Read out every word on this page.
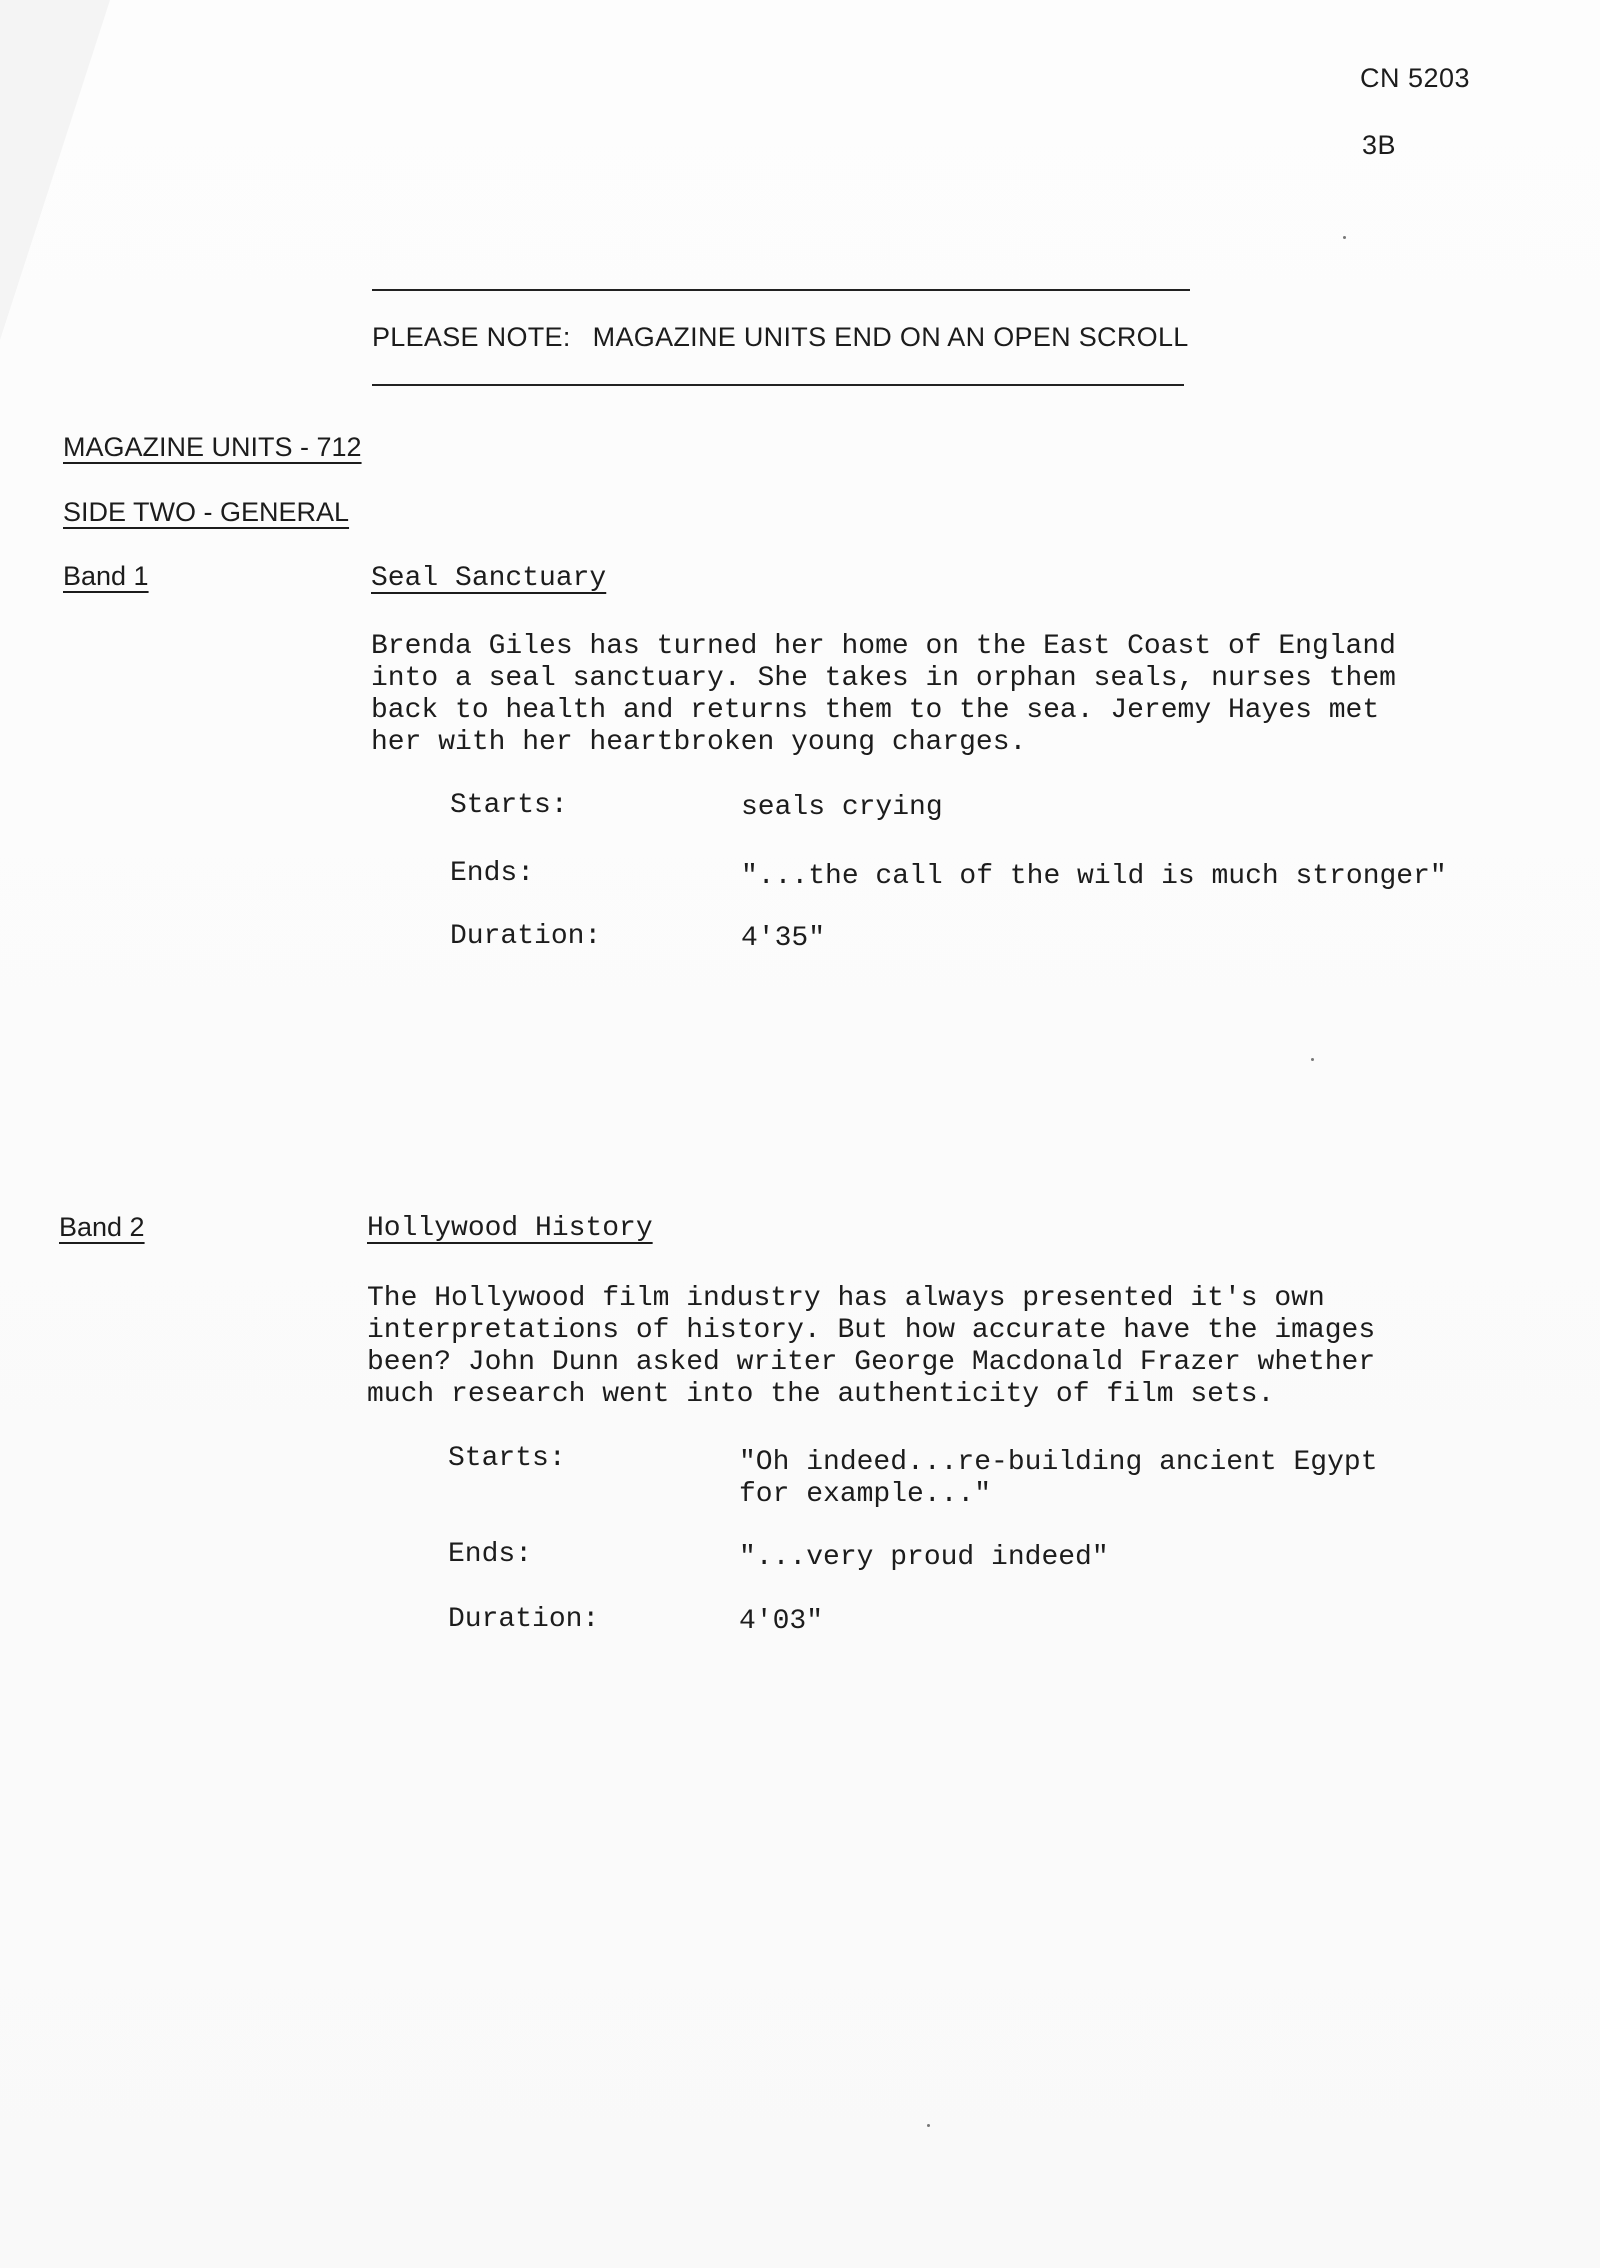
CN 5203
3B
PLEASE NOTE: MAGAZINE UNITS END ON AN OPEN SCROLL
MAGAZINE UNITS - 712
SIDE TWO - GENERAL
Band 1	Seal Sanctuary
Brenda Giles has turned her home on the East Coast of England
into a seal sanctuary. She takes in orphan seals, nurses them
back to health and returns them to the sea. Jeremy Hayes met
her with her heartbroken young charges.
Starts:	seals crying
Ends:	"...the call of the wild is much stronger"
Duration:	4'35"
Band 2	Hollywood History
The Hollywood film industry has always presented it's own
interpretations of history. But how accurate have the images
been? John Dunn asked writer George Macdonald Frazer whether
much research went into the authenticity of film sets.
Starts:	"Oh indeed...re-building ancient Egypt
for example..."
Ends:	"...very proud indeed"
Duration:	4'03"
